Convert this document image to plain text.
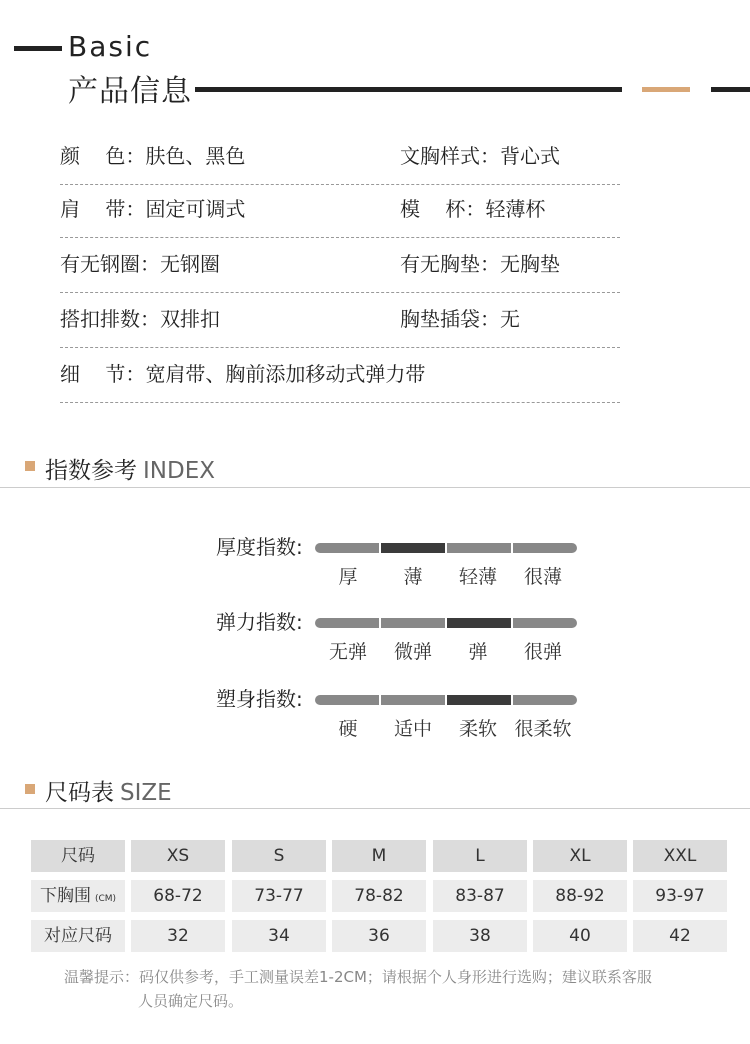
Basic
产品信息
颜    色：肤色、黑色	文胸样式：背心式
肩    带：固定可调式	模    杯：轻薄杯
有无钢圈：无钢圈	有无胸垫：无胸垫
搭扣排数：双排扣	胸垫插袋：无
细    节：宽肩带、胸前添加移动式弹力带
指数参考 INDEX
厚度指数:
厚	薄	轻薄	很薄
弹力指数:
无弹	微弹	弹	很弹
塑身指数:
硬	适中	柔软 很柔软
尺码表 SIZE
尺码	XS	S	M	L	XL	XXL
下胸围 (CM)	68-72	73-77	78-82	83-87	88-92	93-97
对应尺码	32	34	36	38	40	42
温馨提示：码仅供参考，手工测量误差1-2CM；请根据个人身形进行选购；建议联系客服
人员确定尺码。
